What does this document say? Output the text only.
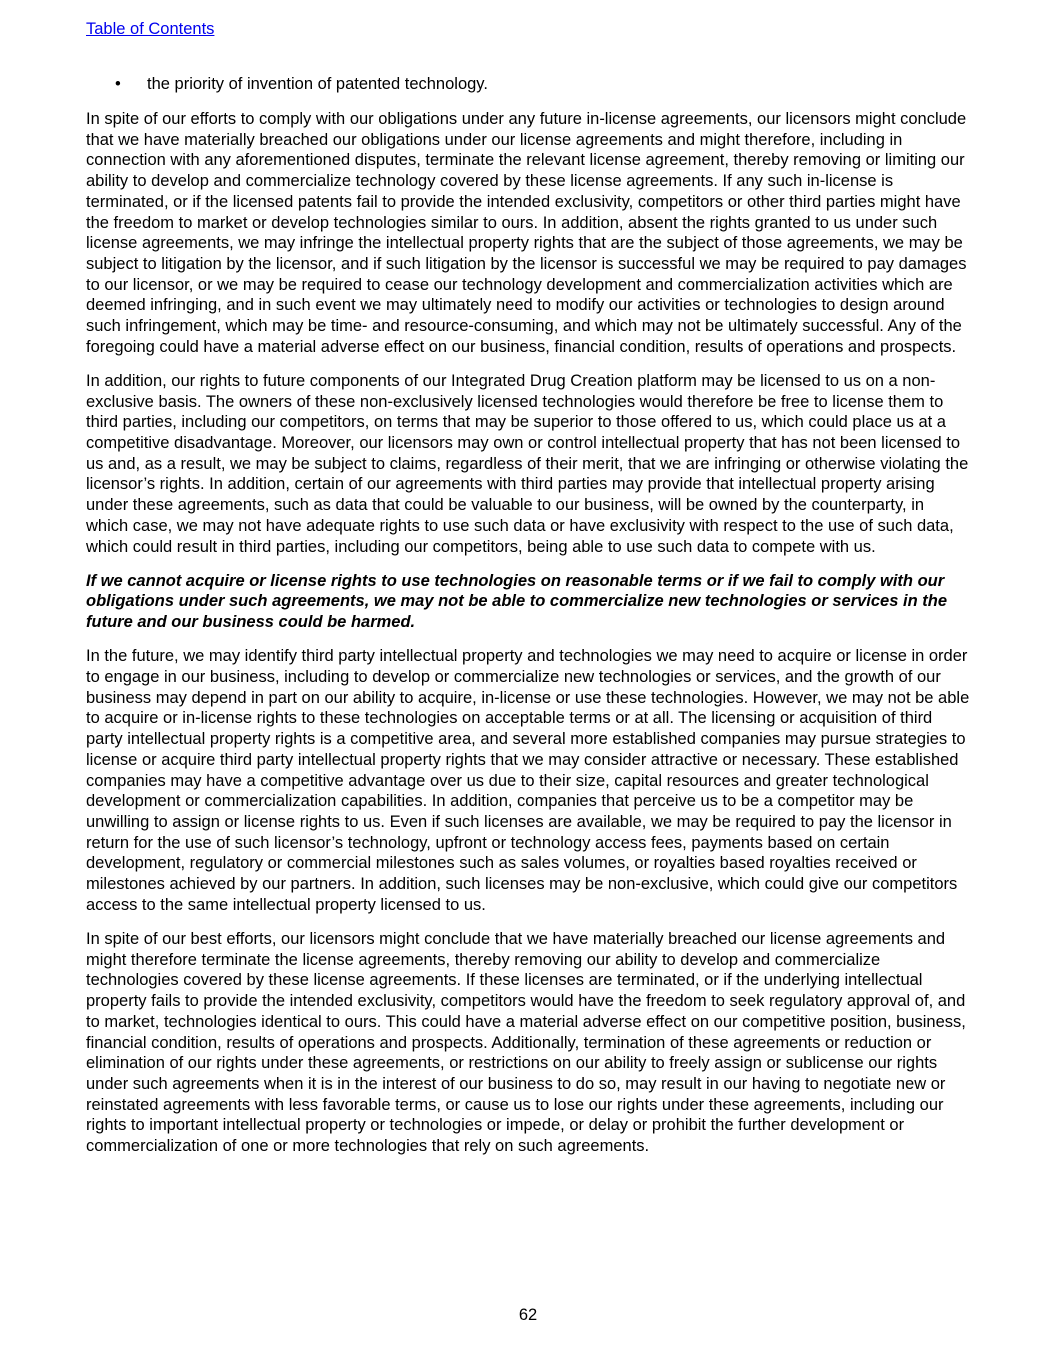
Table of Contents
• the priority of invention of patented technology.

In spite of our efforts to comply with our obligations under any future in-license agreements, our licensors might conclude that we have materially breached our obligations under our license agreements and might therefore, including in connection with any aforementioned disputes, terminate the relevant license agreement, thereby removing or limiting our ability to develop and commercialize technology covered by these license agreements. If any such in-license is terminated, or if the licensed patents fail to provide the intended exclusivity, competitors or other third parties might have the freedom to market or develop technologies similar to ours. In addition, absent the rights granted to us under such license agreements, we may infringe the intellectual property rights that are the subject of those agreements, we may be subject to litigation by the licensor, and if such litigation by the licensor is successful we may be required to pay damages to our licensor, or we may be required to cease our technology development and commercialization activities which are deemed infringing, and in such event we may ultimately need to modify our activities or technologies to design around such infringement, which may be time- and resource-consuming, and which may not be ultimately successful. Any of the foregoing could have a material adverse effect on our business, financial condition, results of operations and prospects.

In addition, our rights to future components of our Integrated Drug Creation platform may be licensed to us on a non-exclusive basis. The owners of these non-exclusively licensed technologies would therefore be free to license them to third parties, including our competitors, on terms that may be superior to those offered to us, which could place us at a competitive disadvantage. Moreover, our licensors may own or control intellectual property that has not been licensed to us and, as a result, we may be subject to claims, regardless of their merit, that we are infringing or otherwise violating the licensor’s rights. In addition, certain of our agreements with third parties may provide that intellectual property arising under these agreements, such as data that could be valuable to our business, will be owned by the counterparty, in which case, we may not have adequate rights to use such data or have exclusivity with respect to the use of such data, which could result in third parties, including our competitors, being able to use such data to compete with us.

If we cannot acquire or license rights to use technologies on reasonable terms or if we fail to comply with our obligations under such agreements, we may not be able to commercialize new technologies or services in the future and our business could be harmed.

In the future, we may identify third party intellectual property and technologies we may need to acquire or license in order to engage in our business, including to develop or commercialize new technologies or services, and the growth of our business may depend in part on our ability to acquire, in-license or use these technologies. However, we may not be able to acquire or in-license rights to these technologies on acceptable terms or at all. The licensing or acquisition of third party intellectual property rights is a competitive area, and several more established companies may pursue strategies to license or acquire third party intellectual property rights that we may consider attractive or necessary. These established companies may have a competitive advantage over us due to their size, capital resources and greater technological development or commercialization capabilities. In addition, companies that perceive us to be a competitor may be unwilling to assign or license rights to us. Even if such licenses are available, we may be required to pay the licensor in return for the use of such licensor’s technology, upfront or technology access fees, payments based on certain development, regulatory or commercial milestones such as sales volumes, or royalties based royalties received or milestones achieved by our partners. In addition, such licenses may be non-exclusive, which could give our competitors access to the same intellectual property licensed to us.

In spite of our best efforts, our licensors might conclude that we have materially breached our license agreements and might therefore terminate the license agreements, thereby removing our ability to develop and commercialize technologies covered by these license agreements. If these licenses are terminated, or if the underlying intellectual property fails to provide the intended exclusivity, competitors would have the freedom to seek regulatory approval of, and to market, technologies identical to ours. This could have a material adverse effect on our competitive position, business, financial condition, results of operations and prospects. Additionally, termination of these agreements or reduction or elimination of our rights under these agreements, or restrictions on our ability to freely assign or sublicense our rights under such agreements when it is in the interest of our business to do so, may result in our having to negotiate new or reinstated agreements with less favorable terms, or cause us to lose our rights under these agreements, including our rights to important intellectual property or technologies or impede, or delay or prohibit the further development or commercialization of one or more technologies that rely on such agreements.

62
